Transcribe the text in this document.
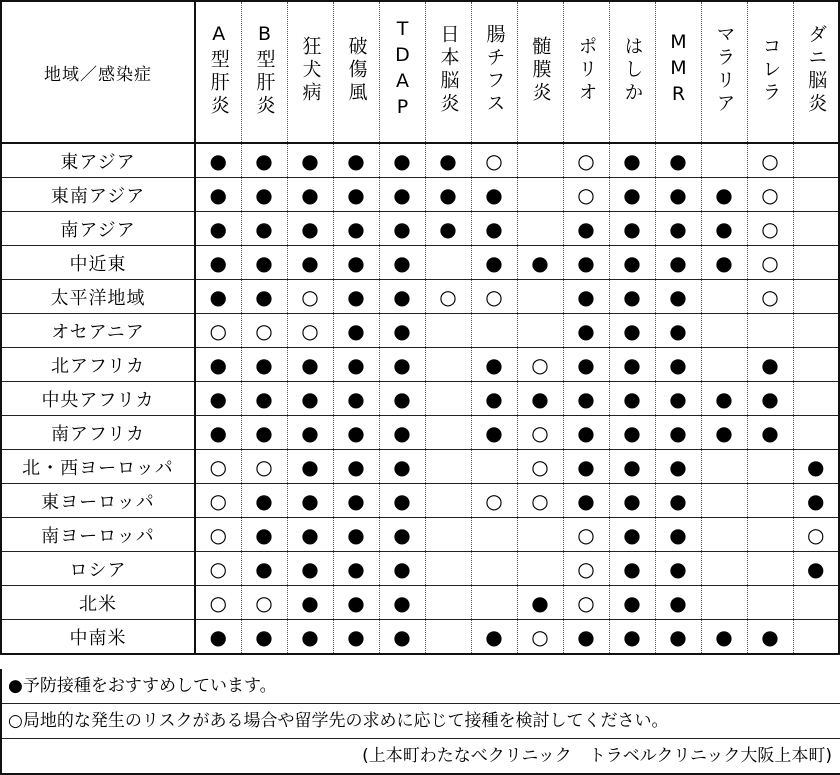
地域／感染症	A型肝炎	B型肝炎	狂犬病	破傷風	TDAP	日本脳炎	腸チフス	髄膜炎	ポリオ	はしか	MMR	マラリア	コレラ	ダニ脳炎
東アジア	●	●	●	●	●	●	○		○	●	●		○	
東南アジア	●	●	●	●	●	●	●		○	●	●	●	○	
南アジア	●	●	●	●	●	●	●		●	●	●	●	○	
中近東	●	●	●	●	●		●	●	●	●	●	●	○	
太平洋地域	●	●	○	●	●	○	○		●	●	●		○	
オセアニア	○	○	○	●	●				●	●	●			
北アフリカ	●	●	●	●	●		●	○	●	●	●		●	
中央アフリカ	●	●	●	●	●		●	●	●	●	●	●	●	
南アフリカ	●	●	●	●	●		●	○	●	●	●	●	●	
北・西ヨーロッパ	○	○	●	●	●			○	●	●	●			●
東ヨーロッパ	○	●	●	●	●		○	○	●	●	●			●
南ヨーロッパ	○	●	●	●	●				○	●	●			○
ロシア	○	●	●	●	●				○	●	●			●
北米	○	○	●	●	●			●	○	●	●			
中南米	●	●	●	●	●		●	○	●	●	●	●	●	
●予防接種をおすすめしています。
○局地的な発生のリスクがある場合や留学先の求めに応じて接種を検討してください。
(上本町わたなべクリニック　トラベルクリニック大阪上本町)
